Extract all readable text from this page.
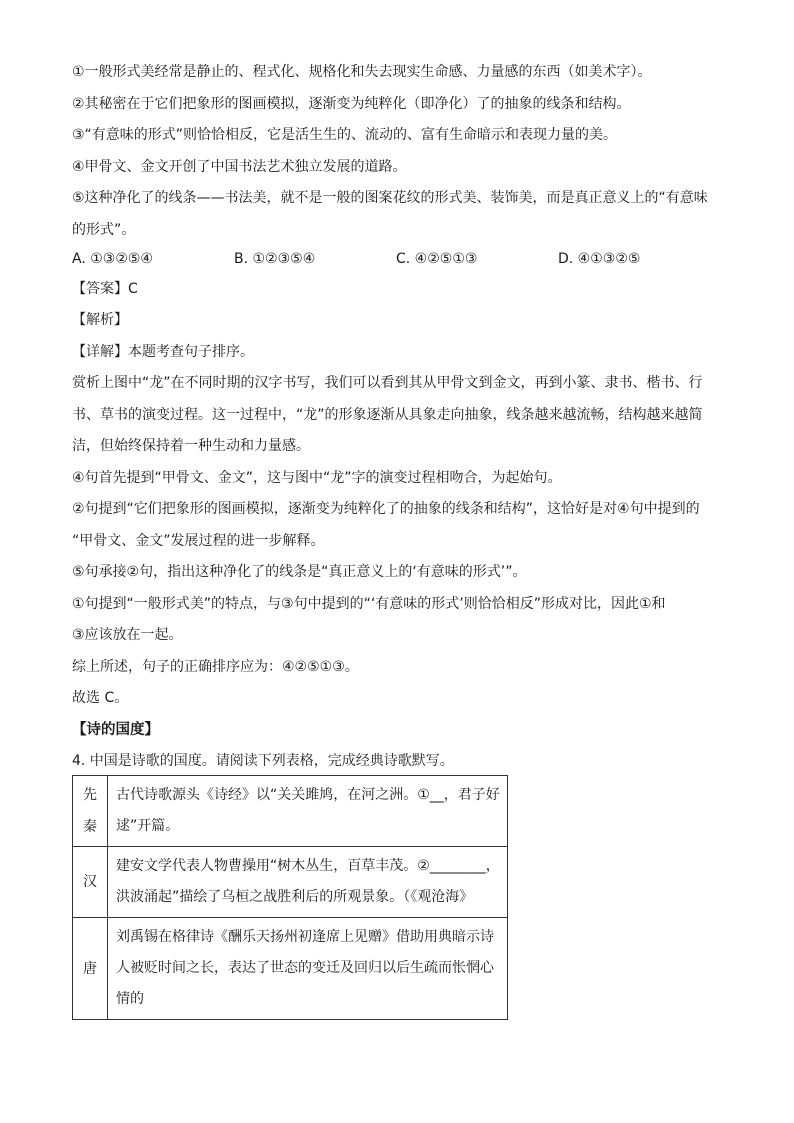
①一般形式美经常是静止的、程式化、规格化和失去现实生命感、力量感的东西（如美术字）。
②其秘密在于它们把象形的图画模拟，逐渐变为纯粹化（即净化）了的抽象的线条和结构。
③“有意味的形式”则恰恰相反，它是活生生的、流动的、富有生命暗示和表现力量的美。
④甲骨文、金文开创了中国书法艺术独立发展的道路。
⑤这种净化了的线条——书法美，就不是一般的图案花纹的形式美、装饰美，而是真正意义上的“有意味
的形式”。
A. ①③②⑤④	B. ①②③⑤④	C. ④②⑤①③	D. ④①③②⑤
【答案】C
【解析】
【详解】本题考查句子排序。
赏析上图中“龙”在不同时期的汉字书写，我们可以看到其从甲骨文到金文，再到小篆、隶书、楷书、行
书、草书的演变过程。这一过程中，“龙”的形象逐渐从具象走向抽象，线条越来越流畅，结构越来越简
洁，但始终保持着一种生动和力量感。
④句首先提到“甲骨文、金文”，这与图中“龙”字的演变过程相吻合，为起始句。
②句提到“它们把象形的图画模拟，逐渐变为纯粹化了的抽象的线条和结构”，这恰好是对④句中提到的
“甲骨文、金文”发展过程的进一步解释。
⑤句承接②句，指出这种净化了的线条是“真正意义上的‘有意味的形式’”。
①句提到“一般形式美”的特点，与③句中提到的“‘有意味的形式’则恰恰相反”形成对比，因此①和
③应该放在一起。
综上所述，句子的正确排序应为：④②⑤①③。
故选 C。
【诗的国度】
4. 中国是诗歌的国度。请阅读下列表格，完成经典诗歌默写。
先
秦	古代诗歌源头《诗经》以“关关雎鸠，在河之洲。①__，君子好逑”开篇。

汉	建安文学代表人物曹操用“树木丛生，百草丰茂。②________，洪波涌起”描绘了乌桓之战胜利后的所观景象。（《观沧海》

唐	刘禹锡在格律诗《酬乐天扬州初逢席上见赠》借助用典暗示诗人被贬时间之长，表达了世态的变迁及回归以后生疏而怅惘心情的
